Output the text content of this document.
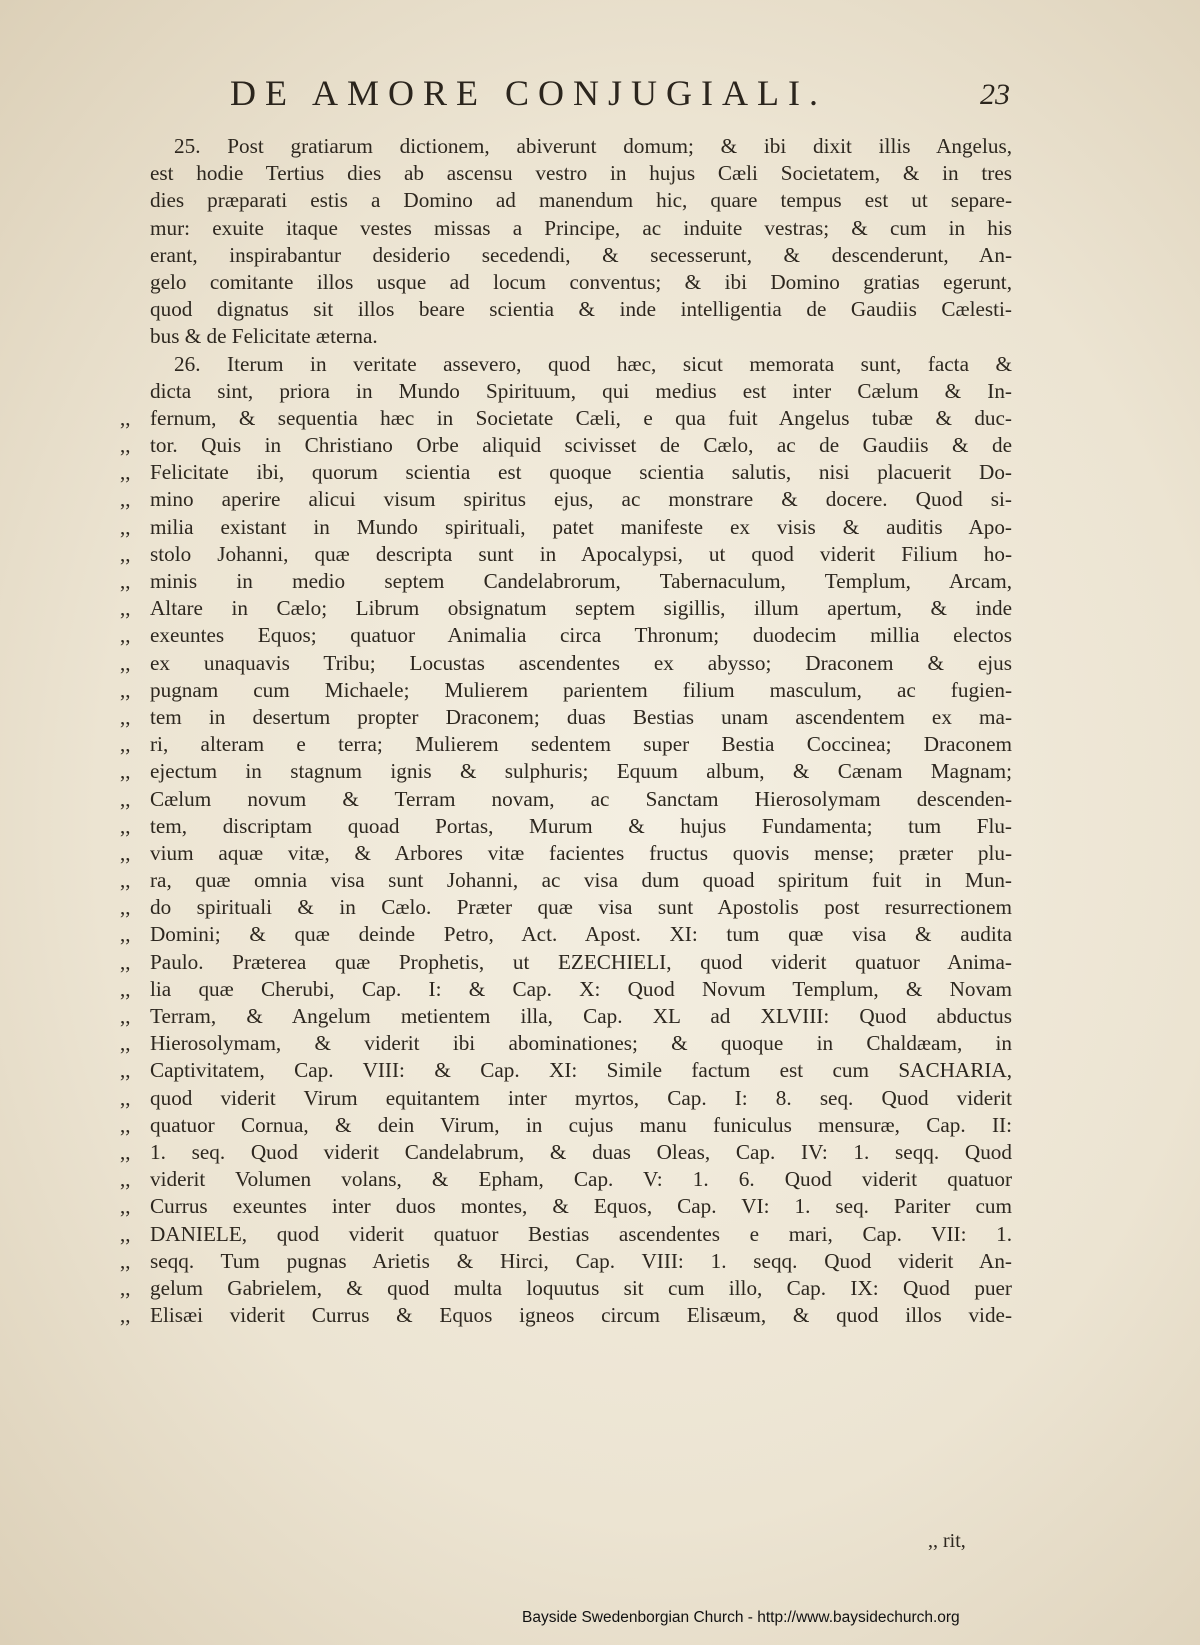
DE AMORE CONJUGIALI.	23
25. Post gratiarum dictionem, abiverunt domum; & ibi dixit illis Angelus,
est hodie Tertius dies ab ascensu vestro in hujus Cæli Societatem, & in tres
dies præparati estis a Domino ad manendum hic, quare tempus est ut separe-
mur: exuite itaque vestes missas a Principe, ac induite vestras; & cum in his
erant, inspirabantur desiderio secedendi, & secesserunt, & descenderunt, An-
gelo comitante illos usque ad locum conventus; & ibi Domino gratias egerunt,
quod dignatus sit illos beare scientia & inde intelligentia de Gaudiis Cælesti-
bus & de Felicitate æterna.
26. Iterum in veritate assevero, quod hæc, sicut memorata sunt, facta &
dicta sint, priora in Mundo Spirituum, qui medius est inter Cælum & In-
,, fernum, & sequentia hæc in Societate Cæli, e qua fuit Angelus tubæ & duc-
,, tor. Quis in Christiano Orbe aliquid scivisset de Cælo, ac de Gaudiis & de
,, Felicitate ibi, quorum scientia est quoque scientia salutis, nisi placuerit Do-
,, mino aperire alicui visum spiritus ejus, ac monstrare & docere. Quod si-
,, milia existant in Mundo spirituali, patet manifeste ex visis & auditis Apo-
,, stolo Johanni, quæ descripta sunt in Apocalypsi, ut quod viderit Filium ho-
,, minis in medio septem Candelabrorum, Tabernaculum, Templum, Arcam,
,, Altare in Cælo; Librum obsignatum septem sigillis, illum apertum, & inde
,, exeuntes Equos; quatuor Animalia circa Thronum; duodecim millia electos
,, ex unaquavis Tribu; Locustas ascendentes ex abysso; Draconem & ejus
,, pugnam cum Michaele; Mulierem parientem filium masculum, ac fugien-
,, tem in desertum propter Draconem; duas Bestias unam ascendentem ex ma-
,, ri, alteram e terra; Mulierem sedentem super Bestia Coccinea; Draconem
,, ejectum in stagnum ignis & sulphuris; Equum album, & Cænam Magnam;
,, Cælum novum & Terram novam, ac Sanctam Hierosolymam descenden-
,, tem, discriptam quoad Portas, Murum & hujus Fundamenta; tum Flu-
,, vium aquæ vitæ, & Arbores vitæ facientes fructus quovis mense; præter plu-
,, ra, quæ omnia visa sunt Johanni, ac visa dum quoad spiritum fuit in Mun-
,, do spirituali & in Cælo. Præter quæ visa sunt Apostolis post resurrectionem
,, Domini; & quæ deinde Petro, Act. Apost. XI: tum quæ visa & audita
,, Paulo. Præterea quæ Prophetis, ut EZECHIELI, quod viderit quatuor Anima-
,, lia quæ Cherubi, Cap. I: & Cap. X: Quod Novum Templum, & Novam
,, Terram, & Angelum metientem illa, Cap. XL ad XLVIII: Quod abductus
,, Hierosolymam, & viderit ibi abominationes; & quoque in Chaldæam, in
,, Captivitatem, Cap. VIII: & Cap. XI: Simile factum est cum SACHARIA,
,, quod viderit Virum equitantem inter myrtos, Cap. I: 8. seq. Quod viderit
,, quatuor Cornua, & dein Virum, in cujus manu funiculus mensuræ, Cap. II:
,, 1. seq. Quod viderit Candelabrum, & duas Oleas, Cap. IV: 1. seqq. Quod
,, viderit Volumen volans, & Epham, Cap. V: 1. 6. Quod viderit quatuor
,, Currus exeuntes inter duos montes, & Equos, Cap. VI: 1. seq. Pariter cum
,, DANIELE, quod viderit quatuor Bestias ascendentes e mari, Cap. VII: 1.
,, seqq. Tum pugnas Arietis & Hirci, Cap. VIII: 1. seqq. Quod viderit An-
,, gelum Gabrielem, & quod multa loquutus sit cum illo, Cap. IX: Quod puer
,, Elisæi viderit Currus & Equos igneos circum Elisæum, & quod illos vide-
,, rit,
Bayside Swedenborgian Church - http://www.baysidechurch.org
